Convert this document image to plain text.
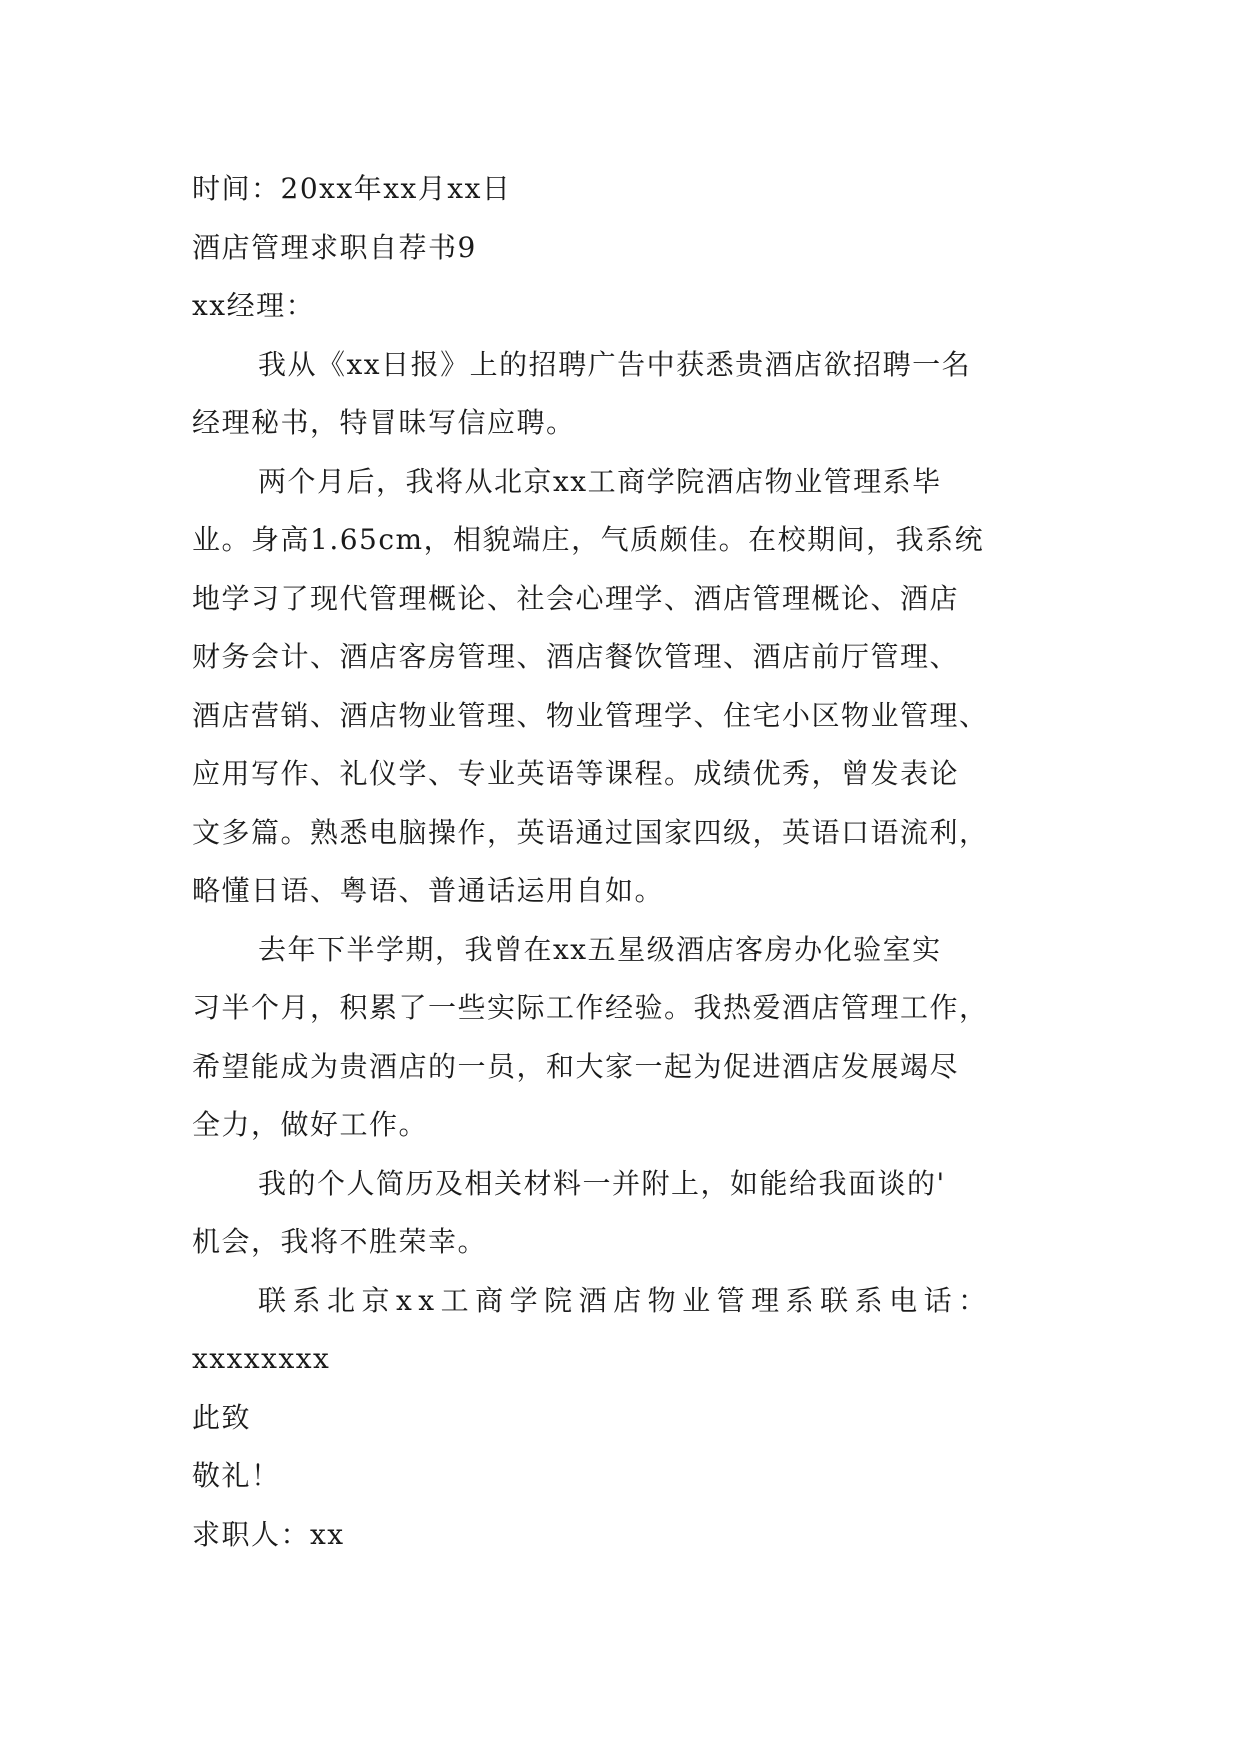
时间：20xx年xx月xx日
酒店管理求职自荐书9
xx经理：
我从《xx日报》上的招聘广告中获悉贵酒店欲招聘一名
经理秘书，特冒昧写信应聘。
两个月后，我将从北京xx工商学院酒店物业管理系毕
业。身高1.65cm，相貌端庄，气质颇佳。在校期间，我系统
地学习了现代管理概论、社会心理学、酒店管理概论、酒店
财务会计、酒店客房管理、酒店餐饮管理、酒店前厅管理、
酒店营销、酒店物业管理、物业管理学、住宅小区物业管理、
应用写作、礼仪学、专业英语等课程。成绩优秀，曾发表论
文多篇。熟悉电脑操作，英语通过国家四级，英语口语流利，
略懂日语、粤语、普通话运用自如。
去年下半学期，我曾在xx五星级酒店客房办化验室实
习半个月，积累了一些实际工作经验。我热爱酒店管理工作，
希望能成为贵酒店的一员，和大家一起为促进酒店发展竭尽
全力，做好工作。
我的个人简历及相关材料一并附上，如能给我面谈的'
机会，我将不胜荣幸。
联系北京xx工商学院酒店物业管理系联系电话：
xxxxxxxx
此致
敬礼！
求职人：xx
